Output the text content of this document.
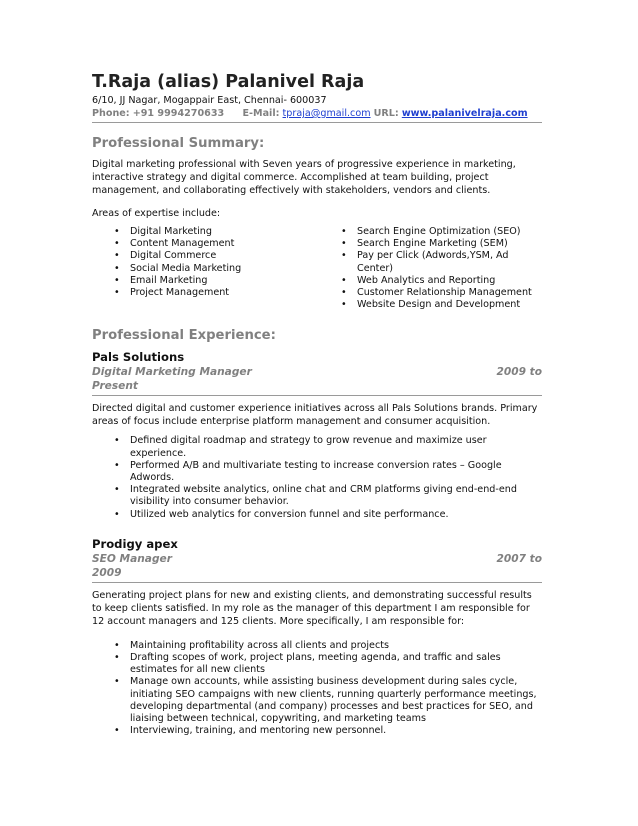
T.Raja (alias) Palanivel Raja

6/10, JJ Nagar, Mogappair East, Chennai- 600037

Phone: +91 9994270633 E-Mail: tpraja@gmail.com URL: www.palanivelraja.com

Professional Summary:

Digital marketing professional with Seven years of progressive experience in marketing, interactive strategy and digital commerce. Accomplished at team building, project management, and collaborating effectively with stakeholders, vendors and clients.

Areas of expertise include:

• Digital Marketing
• Content Management
• Digital Commerce
• Social Media Marketing
• Email Marketing
• Project Management
• Search Engine Optimization (SEO)
• Search Engine Marketing (SEM)
• Pay per Click (Adwords,YSM, Ad Center)
• Web Analytics and Reporting
• Customer Relationship Management
• Website Design and Development
Professional Experience:

Pals Solutions

Digital Marketing Manager	2009 to

Present

Directed digital and customer experience initiatives across all Pals Solutions brands. Primary areas of focus include enterprise platform management and consumer acquisition.

• Defined digital roadmap and strategy to grow revenue and maximize user experience.
• Performed A/B and multivariate testing to increase conversion rates – Google Adwords.
• Integrated website analytics, online chat and CRM platforms giving end-end-end visibility into consumer behavior.
• Utilized web analytics for conversion funnel and site performance.

Prodigy apex

SEO Manager	2007 to

2009

Generating project plans for new and existing clients, and demonstrating successful results to keep clients satisfied. In my role as the manager of this department I am responsible for 12 account managers and 125 clients. More specifically, I am responsible for:

• Maintaining profitability across all clients and projects
• Drafting scopes of work, project plans, meeting agenda, and traffic and sales estimates for all new clients
• Manage own accounts, while assisting business development during sales cycle, initiating SEO campaigns with new clients, running quarterly performance meetings, developing departmental (and company) processes and best practices for SEO, and liaising between technical, copywriting, and marketing teams
• Interviewing, training, and mentoring new personnel.
